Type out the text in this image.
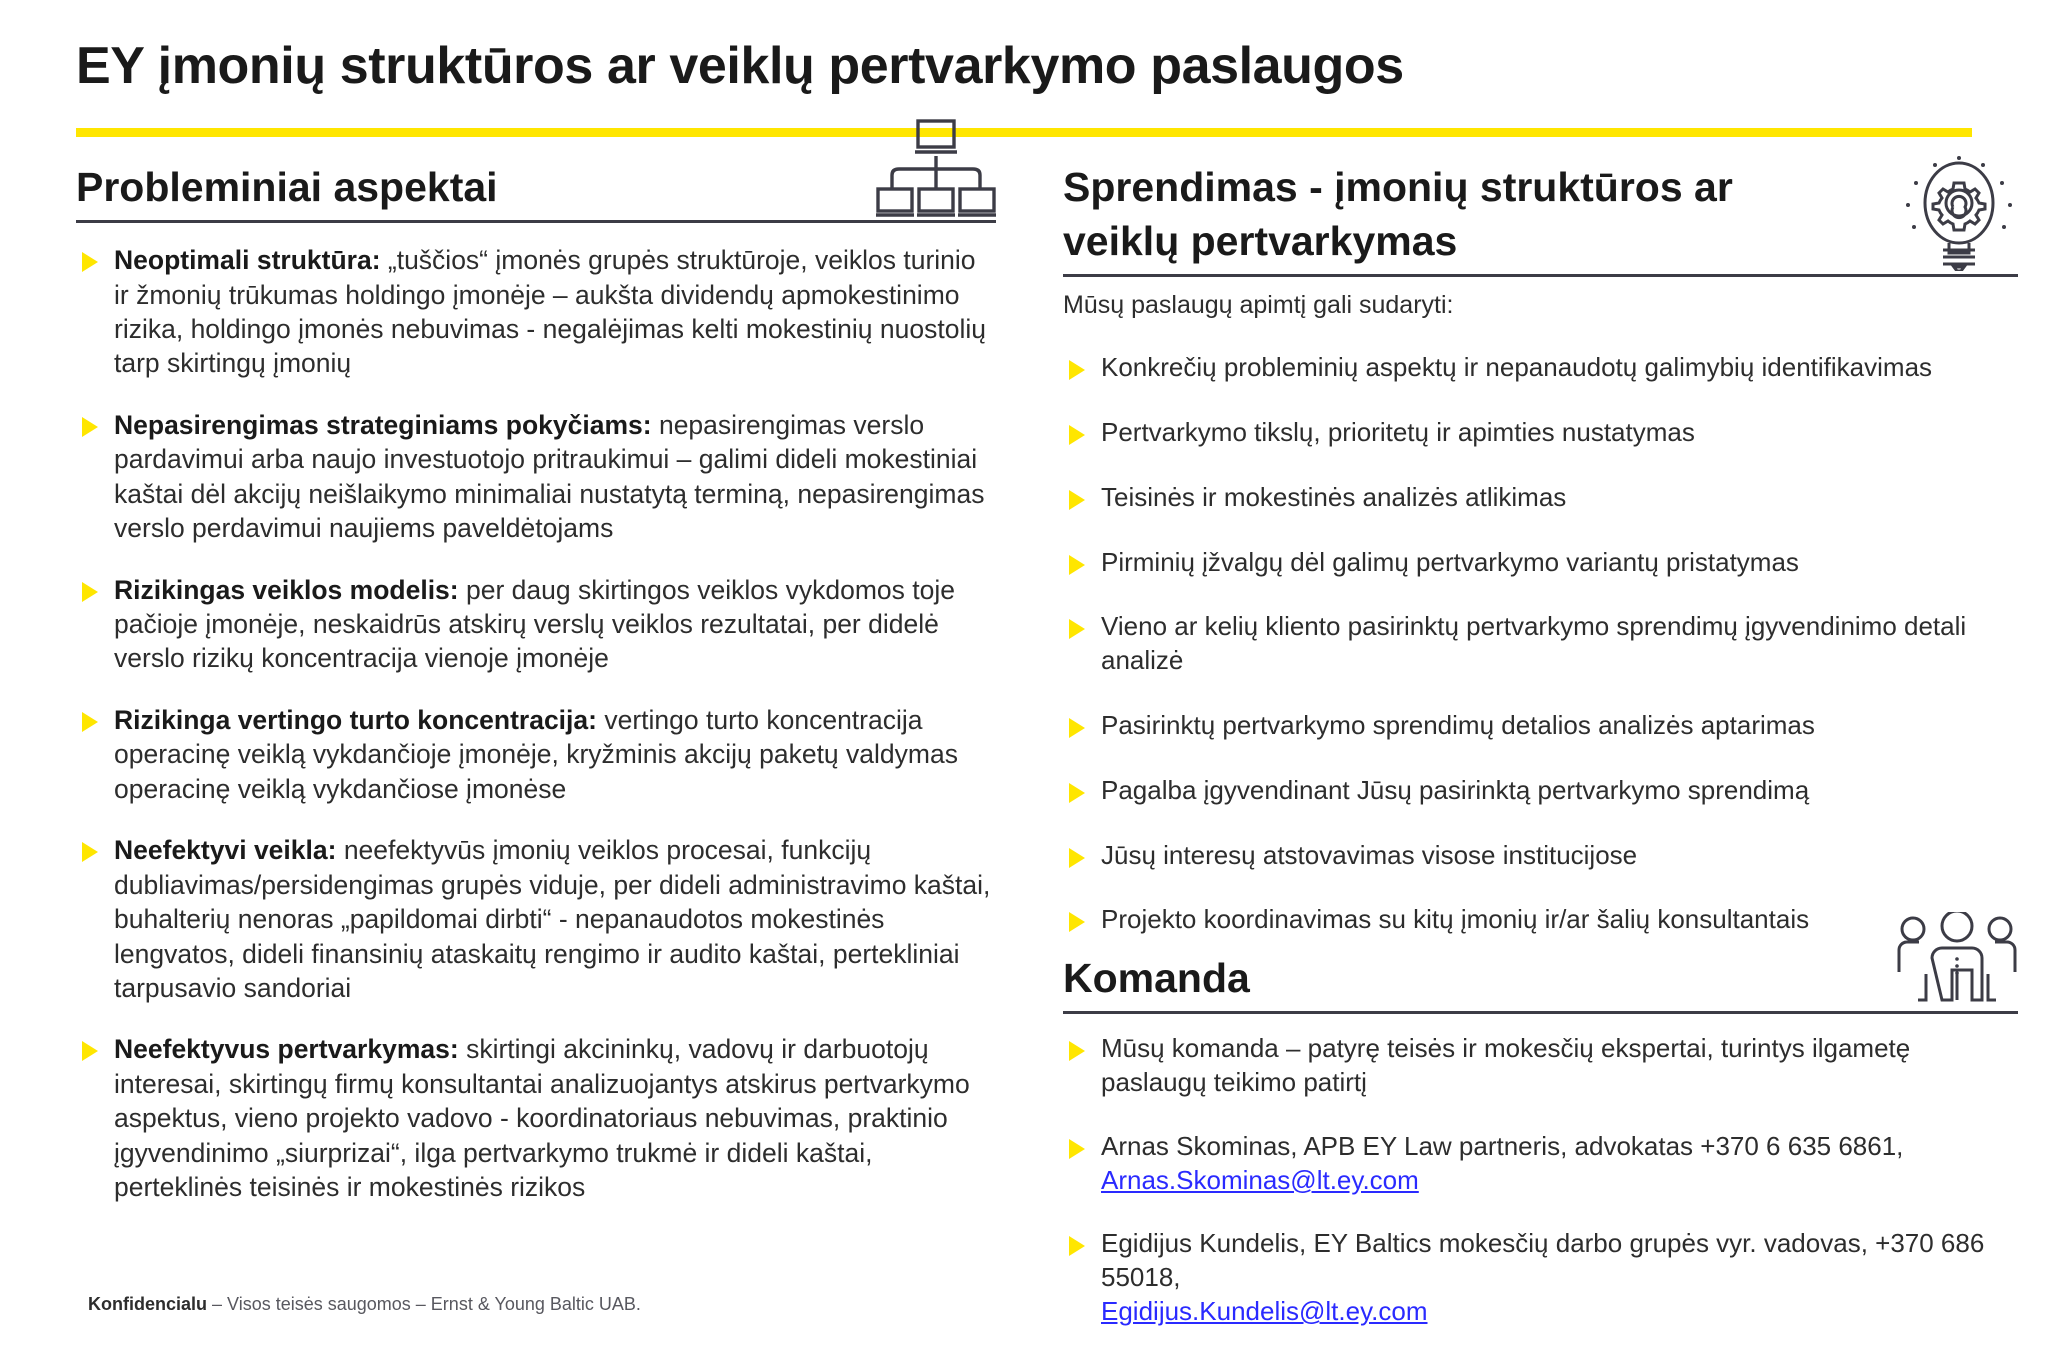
EY įmonių struktūros ar veiklų pertvarkymo paslaugos
Probleminiai aspektai
Neoptimali struktūra: „tuščios“ įmonės grupės struktūroje, veiklos turinio ir žmonių trūkumas holdingo įmonėje – aukšta dividendų apmokestinimo rizika, holdingo įmonės nebuvimas - negalėjimas kelti mokestinių nuostolių tarp skirtingų įmonių
Nepasirengimas strateginiams pokyčiams: nepasirengimas verslo pardavimui arba naujo investuotojo pritraukimui – galimi dideli mokestiniai kaštai dėl akcijų neišlaikymo minimaliai nustatytą terminą, nepasirengimas verslo perdavimui naujiems paveldėtojams
Rizikingas veiklos modelis: per daug skirtingos veiklos vykdomos toje pačioje įmonėje, neskaidrūs atskirų verslų veiklos rezultatai, per didelė verslo rizikų koncentracija vienoje įmonėje
Rizikinga vertingo turto koncentracija: vertingo turto koncentracija operacinę veiklą vykdančioje įmonėje, kryžminis akcijų paketų valdymas operacinę veiklą vykdančiose įmonėse
Neefektyvi veikla: neefektyvūs įmonių veiklos procesai, funkcijų dubliavimas/persidengimas grupės viduje, per dideli administravimo kaštai, buhalterių nenoras „papildomai dirbti“ - nepanaudotos mokestinės lengvatos, dideli finansinių ataskaitų rengimo ir audito kaštai, pertekliniai tarpusavio sandoriai
Neefektyvus pertvarkymas: skirtingi akcininkų, vadovų ir darbuotojų interesai, skirtingų firmų konsultantai analizuojantys atskirus pertvarkymo aspektus, vieno projekto vadovo - koordinatoriaus nebuvimas, praktinio įgyvendinimo „siurprizai“, ilga pertvarkymo trukmė ir dideli kaštai, perteklinės teisinės ir mokestinės rizikos
Sprendimas - įmonių struktūros ar veiklų pertvarkymas
Mūsų paslaugų apimtį gali sudaryti:
Konkrečių probleminių aspektų ir nepanaudotų galimybių identifikavimas
Pertvarkymo tikslų, prioritetų ir apimties nustatymas
Teisinės ir mokestinės analizės atlikimas
Pirminių įžvalgų dėl galimų pertvarkymo variantų pristatymas
Vieno ar kelių kliento pasirinktų pertvarkymo sprendimų įgyvendinimo detali analizė
Pasirinktų pertvarkymo sprendimų detalios analizės aptarimas
Pagalba įgyvendinant Jūsų pasirinktą pertvarkymo sprendimą
Jūsų interesų atstovavimas visose institucijose
Projekto koordinavimas su kitų įmonių ir/ar šalių konsultantais
Komanda
Mūsų komanda – patyrę teisės ir mokesčių ekspertai, turintys ilgametę paslaugų teikimo patirtį
Arnas Skominas, APB EY Law partneris, advokatas +370 6 635 6861,
Arnas.Skominas@lt.ey.com
Egidijus Kundelis, EY Baltics mokesčių darbo grupės vyr. vadovas, +370 686 55018,
Egidijus.Kundelis@lt.ey.com
Konfidencialu – Visos teisės saugomos – Ernst & Young Baltic UAB.
